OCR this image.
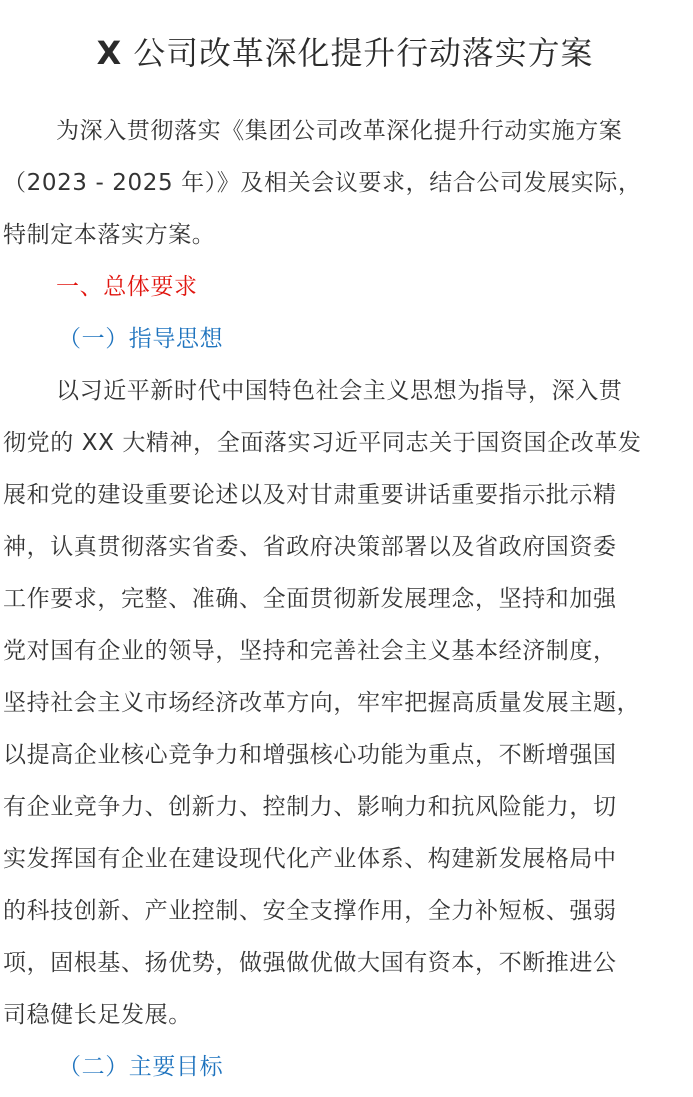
X 公司改革深化提升行动落实方案
为深入贯彻落实《集团公司改革深化提升行动实施方案
（2023 - 2025 年）》及相关会议要求，结合公司发展实际，
特制定本落实方案。
一、总体要求
（一）指导思想
以习近平新时代中国特色社会主义思想为指导，深入贯
彻党的 XX 大精神，全面落实习近平同志关于国资国企改革发
展和党的建设重要论述以及对甘肃重要讲话重要指示批示精
神，认真贯彻落实省委、省政府决策部署以及省政府国资委
工作要求，完整、准确、全面贯彻新发展理念，坚持和加强
党对国有企业的领导，坚持和完善社会主义基本经济制度，
坚持社会主义市场经济改革方向，牢牢把握高质量发展主题，
以提高企业核心竞争力和增强核心功能为重点，不断增强国
有企业竞争力、创新力、控制力、影响力和抗风险能力，切
实发挥国有企业在建设现代化产业体系、构建新发展格局中
的科技创新、产业控制、安全支撑作用，全力补短板、强弱
项，固根基、扬优势，做强做优做大国有资本，不断推进公
司稳健长足发展。
（二）主要目标
